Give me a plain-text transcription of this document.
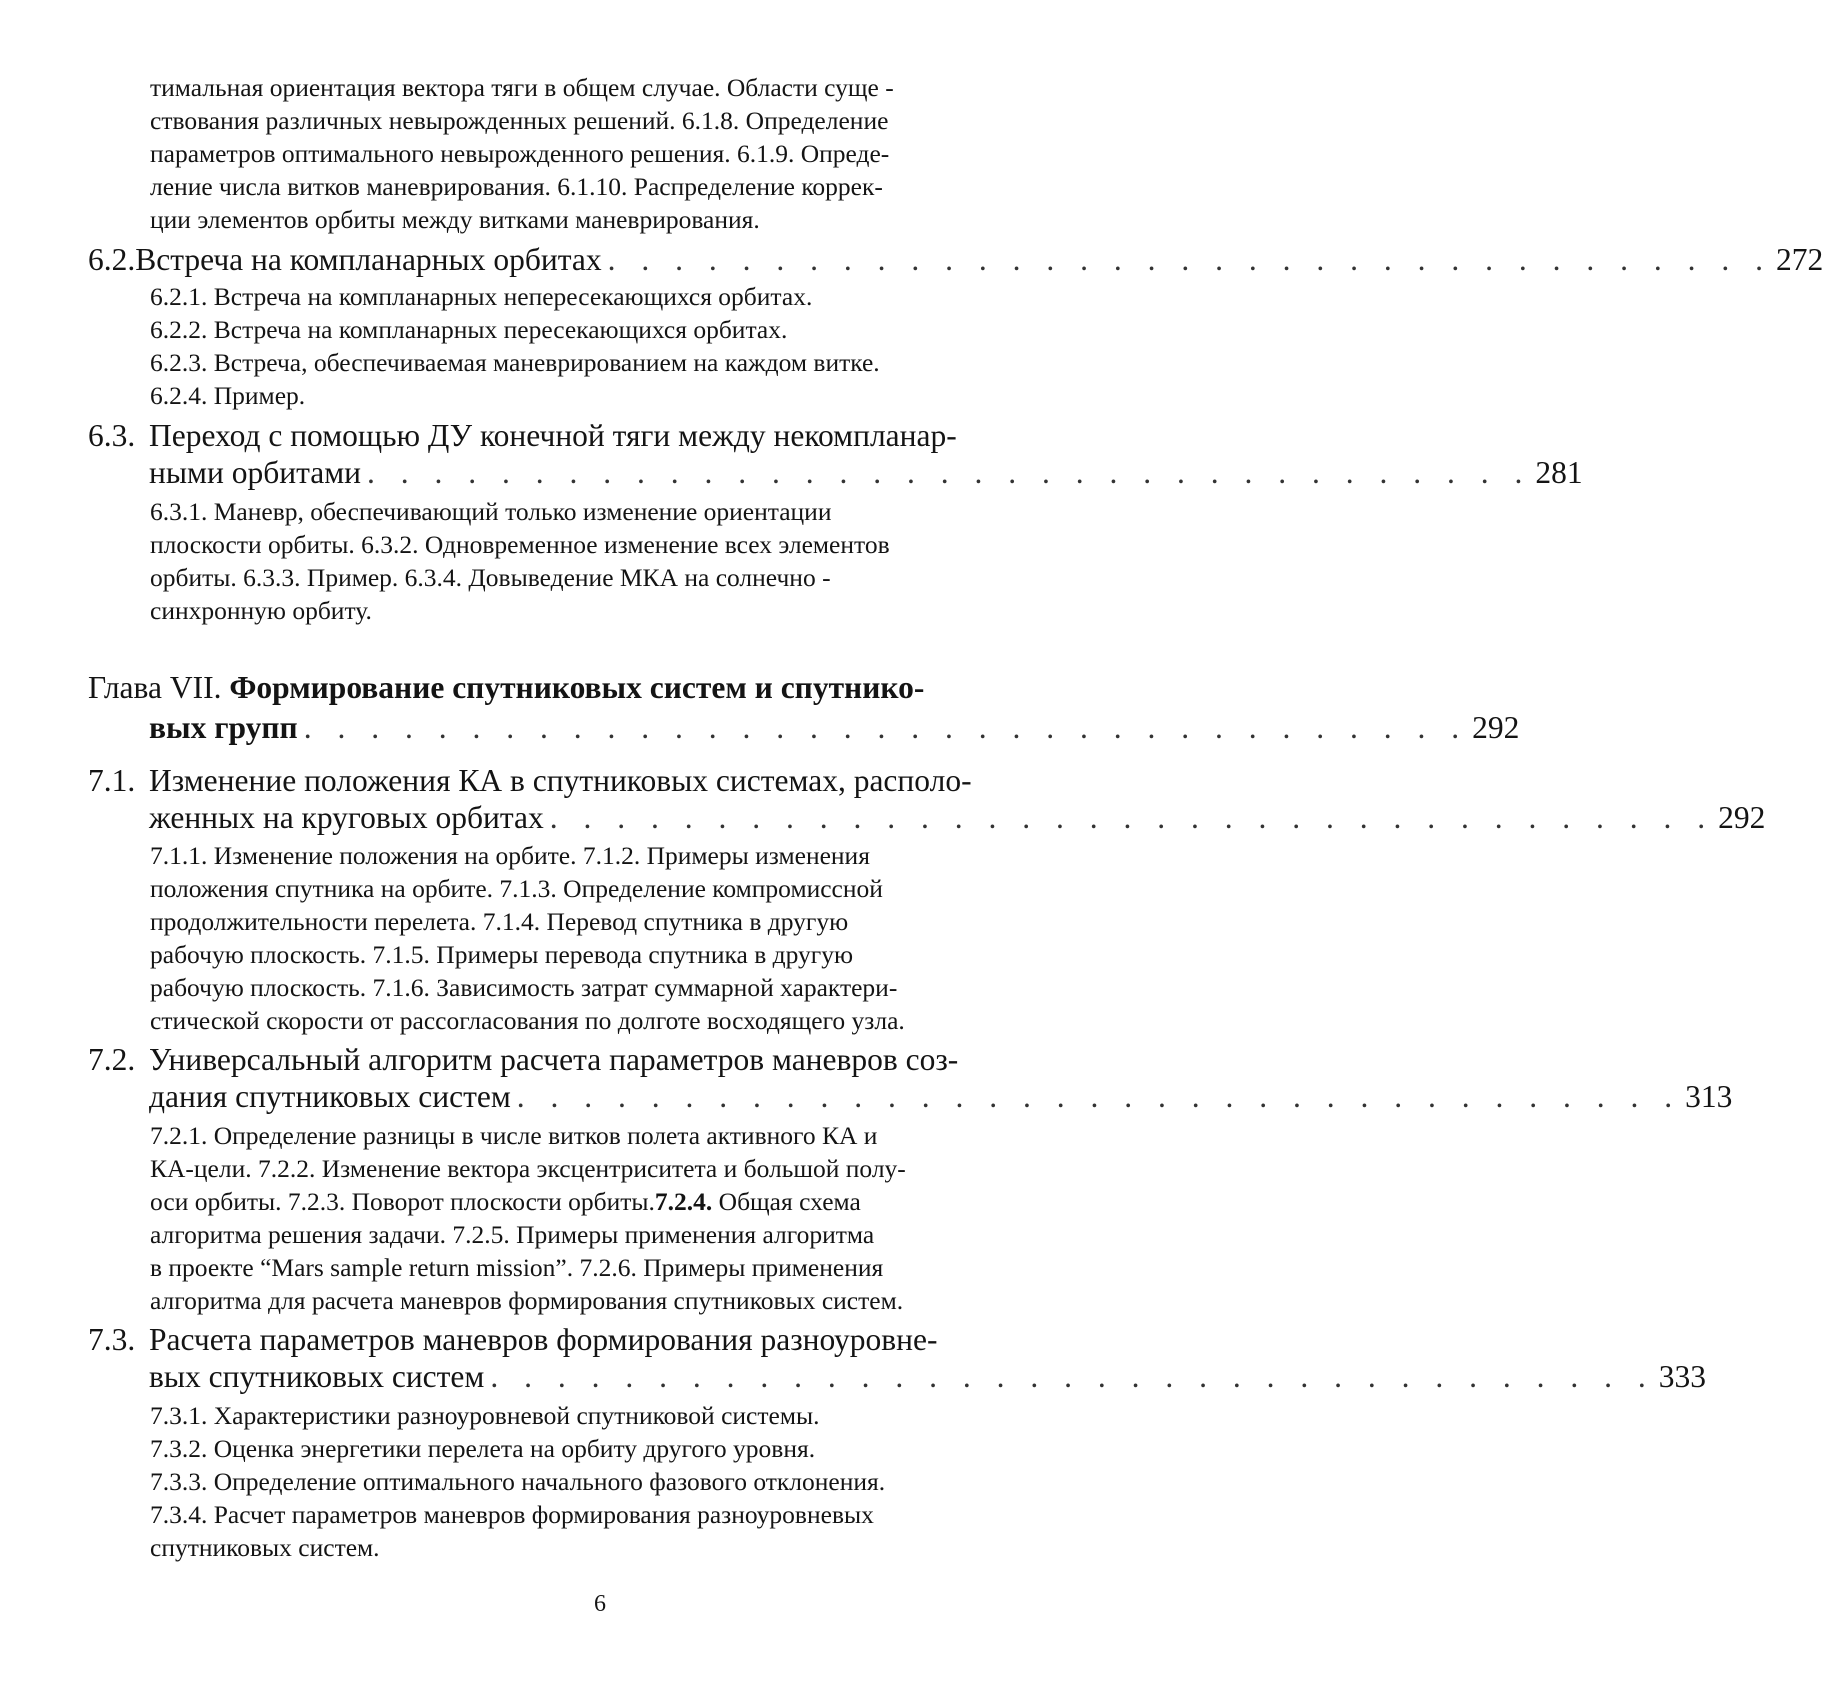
тимальная ориентация вектора тяги в общем случае. Области суще -
ствования различных невырожденных решений. 6.1.8. Определение
параметров оптимального невырожденного решения. 6.1.9. Опреде-
ление числа витков маневрирования. 6.1.10. Распределение коррек-
ции элементов орбиты между витками маневрирования.
6.2. Встреча на компланарных орбитах . . . . . . . . . . . . . . . . . . . . . . . . . . . . . . . . . . . 272
6.2.1. Встреча на компланарных непересекающихся орбитах.
6.2.2. Встреча на компланарных пересекающихся орбитах.
6.2.3. Встреча, обеспечиваемая маневрированием на каждом витке.
6.2.4. Пример.
6.3. Переход с помощью ДУ конечной тяги между некомпланар-
ными орбитами . . . . . . . . . . . . . . . . . . . . . . . . . . . . . . . . . . . 281
6.3.1. Маневр, обеспечивающий только изменение ориентации
плоскости орбиты. 6.3.2. Одновременное изменение всех элементов
орбиты. 6.3.3. Пример. 6.3.4. Довыведение МКА на солнечно -
синхронную орбиту.
Глава VII. Формирование спутниковых систем и спутнико-
вых групп . . . . . . . . . . . . . . . . . . . . . . . . . . . . . . . . . . . 292
7.1. Изменение положения КА в спутниковых системах, располо-
женных на круговых орбитах . . . . . . . . . . . . . . . . . . . . . . . . . . . . . . . . . . . 292
7.1.1. Изменение положения на орбите. 7.1.2. Примеры изменения
положения спутника на орбите. 7.1.3. Определение компромиссной
продолжительности перелета. 7.1.4. Перевод спутника в другую
рабочую плоскость. 7.1.5. Примеры перевода спутника в другую
рабочую плоскость. 7.1.6. Зависимость затрат суммарной характери-
стической скорости от рассогласования по долготе восходящего узла.
7.2. Универсальный алгоритм расчета параметров маневров соз-
дания спутниковых систем . . . . . . . . . . . . . . . . . . . . . . . . . . . . . . . . . . . 313
7.2.1. Определение разницы в числе витков полета активного КА и
КА-цели. 7.2.2. Изменение вектора эксцентриситета и большой полу-
оси орбиты. 7.2.3. Поворот плоскости орбиты.7.2.4. Общая схема
алгоритма решения задачи. 7.2.5. Примеры применения алгоритма
в проекте “Mars sample return mission”. 7.2.6. Примеры применения
алгоритма для расчета маневров формирования спутниковых систем.
7.3. Расчета параметров маневров формирования разноуровне-
вых спутниковых систем . . . . . . . . . . . . . . . . . . . . . . . . . . . . . . . . . . . 333
7.3.1. Характеристики разноуровневой спутниковой системы.
7.3.2. Оценка энергетики перелета на орбиту другого уровня.
7.3.3. Определение оптимального начального фазового отклонения.
7.3.4. Расчет параметров маневров формирования разноуровневых
спутниковых систем.
6
